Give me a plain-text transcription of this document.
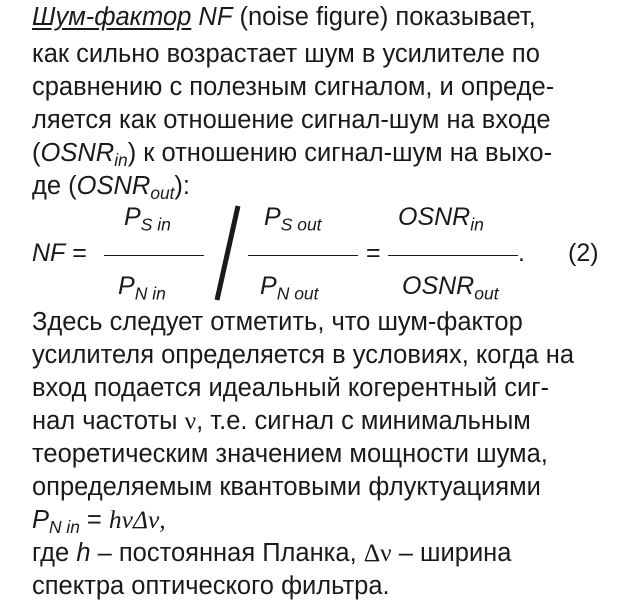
Шум-фактор NF (noise figure) показывает,
как сильно возрастает шум в усилителе по
сравнению с полезным сигналом, и опреде-
ляется как отношение сигнал-шум на входе
$(OSNR_{in})$ к отношению сигнал-шум на выхо-
де $(OSNR_{out})$:
NF =
$P_{S in}$
$P_{N in}$
$P_{S out}$
$P_{N out}$
=
$OSNR_{in}$
$OSNR_{out}$
. (2)
Здесь следует отметить, что шум-фактор
усилителя определяется в условиях, когда на
вход подается идеальный когерентный сиг-
нал частоты ν, т.е. сигнал с минимальным
теоретическим значением мощности шума,
определяемым квантовыми флуктуациями
$P_{N in} = h\nu\Delta\nu$,
где h – постоянная Планка, Δν – ширина
спектра оптического фильтра.
